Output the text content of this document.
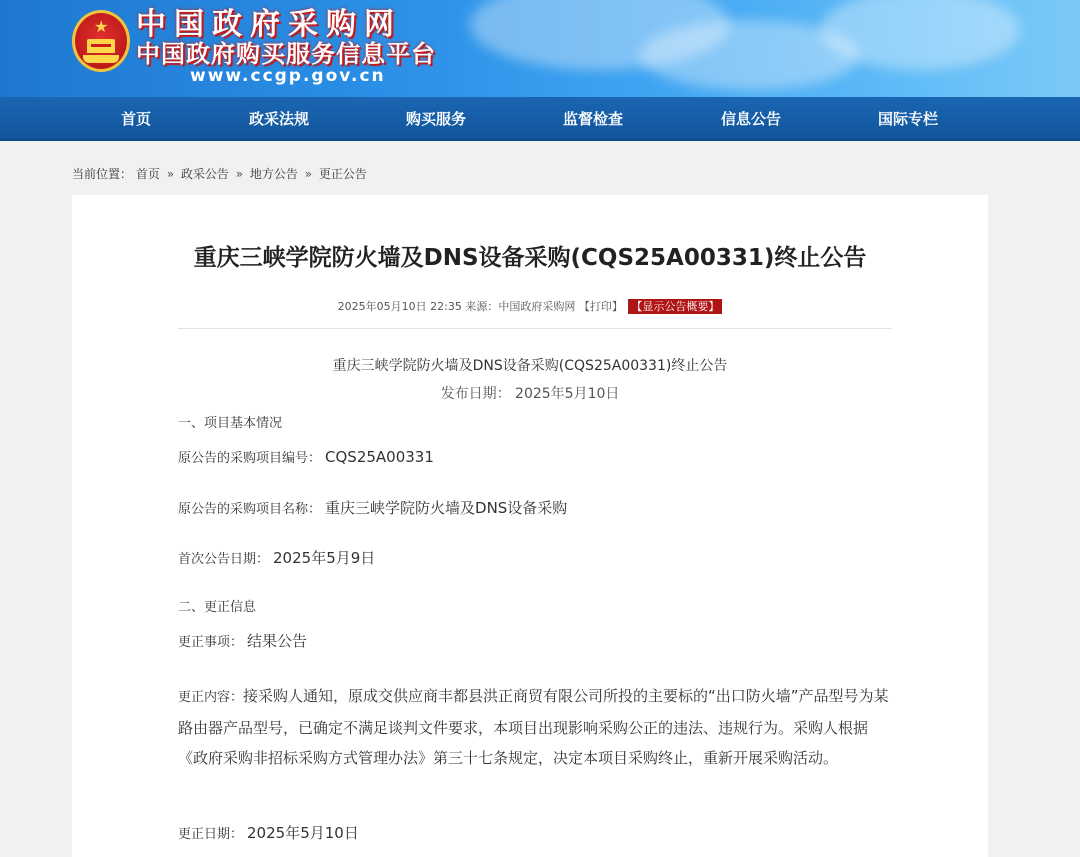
★ 中国政府采购网
中国政府购买服务信息平台
www.ccgp.gov.cn
首页	政采法规	购买服务	监督检查	信息公告	国际专栏
当前位置： 首页 » 政采公告 » 地方公告 » 更正公告
重庆三峡学院防火墙及DNS设备采购(CQS25A00331)终止公告
2025年05月10日 22:35 来源：中国政府采购网 【打印】 【显示公告概要】
重庆三峡学院防火墙及DNS设备采购(CQS25A00331)终止公告
发布日期： 2025年5月10日
一、项目基本情况
原公告的采购项目编号： CQS25A00331
原公告的采购项目名称： 重庆三峡学院防火墙及DNS设备采购
首次公告日期： 2025年5月9日
二、更正信息
更正事项： 结果公告
更正内容：接采购人通知，原成交供应商丰都县洪正商贸有限公司所投的主要标的“出口防火墙”产品型号为某路由器产品型号，已确定不满足谈判文件要求，本项目出现影响采购公正的违法、违规行为。采购人根据《政府采购非招标采购方式管理办法》第三十七条规定，决定本项目采购终止，重新开展采购活动。
更正日期： 2025年5月10日
